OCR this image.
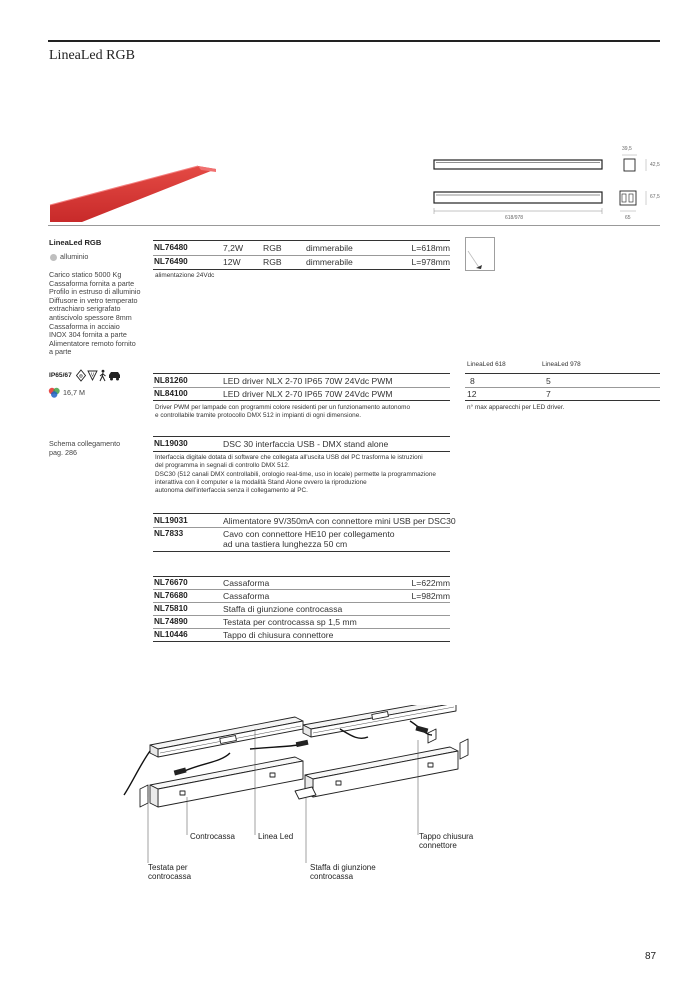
LineaLed RGB
39,5
42,5
67,5
618/978	65
LineaLed RGB
alluminio
Carico statico 5000 Kg
Cassaforma fornita a parte
Profilo in estruso di alluminio
Diffusore in vetro temperato
extrachiaro serigrafato
antiscivolo spessore 8mm
Cassaforma in acciaio
INOX 304 fornita a parte
Alimentatore remoto fornito
a parte
IP65/67 ⊕ V
16,7 M
Schema collegamento
pag. 286
NL76480	7,2W RGB	dimmerabile	L=618mm
NL76490	12W	RGB	dimmerabile	L=978mm
alimentazione 24Vdc
LineaLed 618	LineaLed 978
8	5
12	7
n° max apparecchi per LED driver.
NL81260	LED driver NLX 2-70 IP65 70W 24Vdc PWM
NL84100	LED driver NLX 2-70 IP65 70W 24Vdc PWM
Driver PWM per lampade con programmi colore residenti per un funzionamento autonomo
e controllabile tramite protocollo DMX 512 in impianti di ogni dimensione.
NL19030	DSC 30 interfaccia USB - DMX stand alone
Interfaccia digitale dotata di software che collegata all'uscita USB del PC trasforma le istruzioni
del programma in segnali di controllo DMX 512.
DSC30 (512 canali DMX controllabili, orologio real-time, uso in locale) permette la programmazione
interattiva con il computer e la modalità Stand Alone ovvero la riproduzione
autonoma dell'interfaccia senza il collegamento al PC.
NL19031	Alimentatore 9V/350mA con connettore mini USB per DSC30
NL7833	Cavo con connettore HE10 per collegamento
ad una tastiera lunghezza 50 cm
NL76670	Cassaforma	L=622mm
NL76680	Cassaforma	L=982mm
NL75810	Staffa di giunzione controcassa
NL74890	Testata per controcassa sp 1,5 mm
NL10446	Tappo di chiusura connettore
Controcassa	Linea Led	Tappo chiusura
connettore
Testata per
controcassa
Staffa di giunzione
controcassa
87
